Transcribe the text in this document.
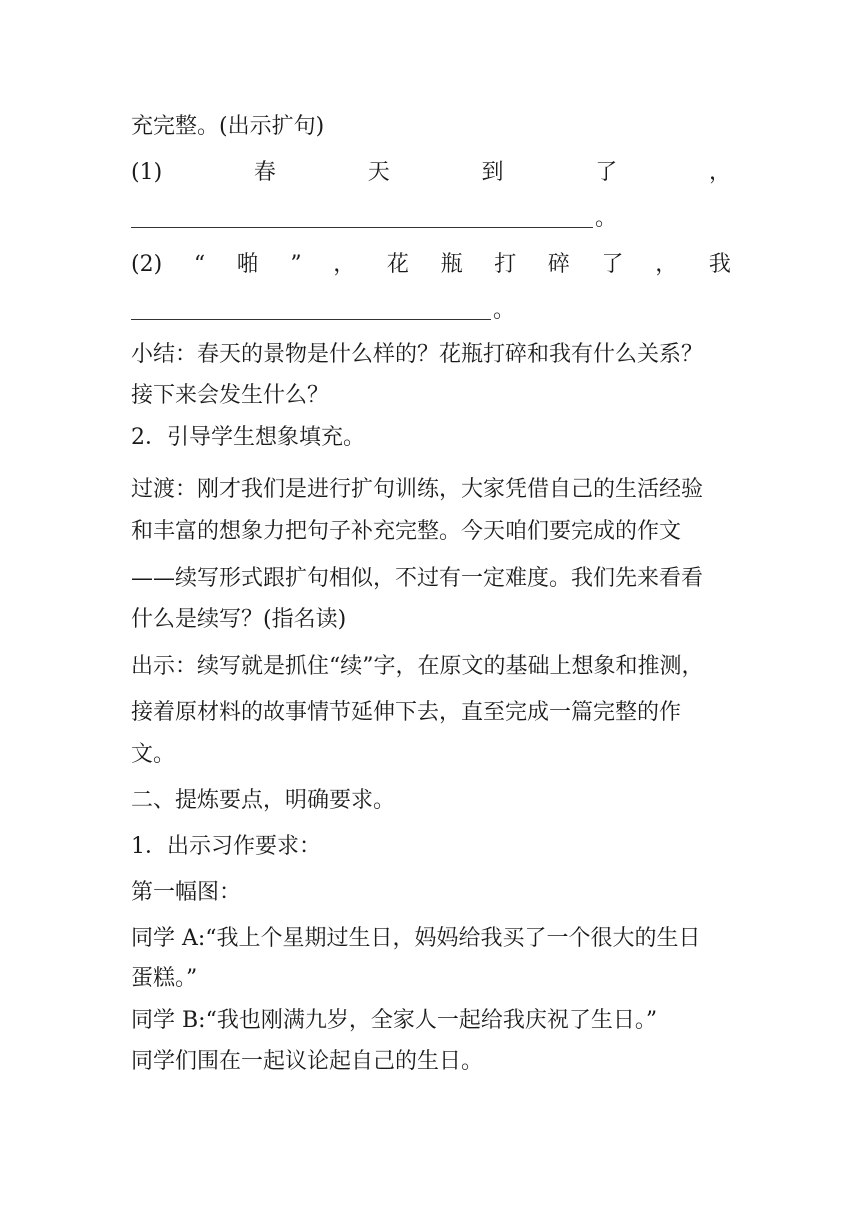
充完整。(出示扩句)
(1)	春	天	到	了	，
。
(2) “ 啪 ” ， 花 瓶 打 碎 了 ， 我
。
小结：春天的景物是什么样的？花瓶打碎和我有什么关系？
接下来会发生什么？
2．引导学生想象填充。
过渡：刚才我们是进行扩句训练，大家凭借自己的生活经验
和丰富的想象力把句子补充完整。今天咱们要完成的作文
——续写形式跟扩句相似，不过有一定难度。我们先来看看
什么是续写？(指名读)
出示：续写就是抓住“续”字，在原文的基础上想象和推测，
接着原材料的故事情节延伸下去，直至完成一篇完整的作
文。
二、提炼要点，明确要求。
1．出示习作要求：
第一幅图：
同学 A:“我上个星期过生日，妈妈给我买了一个很大的生日
蛋糕。”
同学 B:“我也刚满九岁，全家人一起给我庆祝了生日。”
同学们围在一起议论起自己的生日。
